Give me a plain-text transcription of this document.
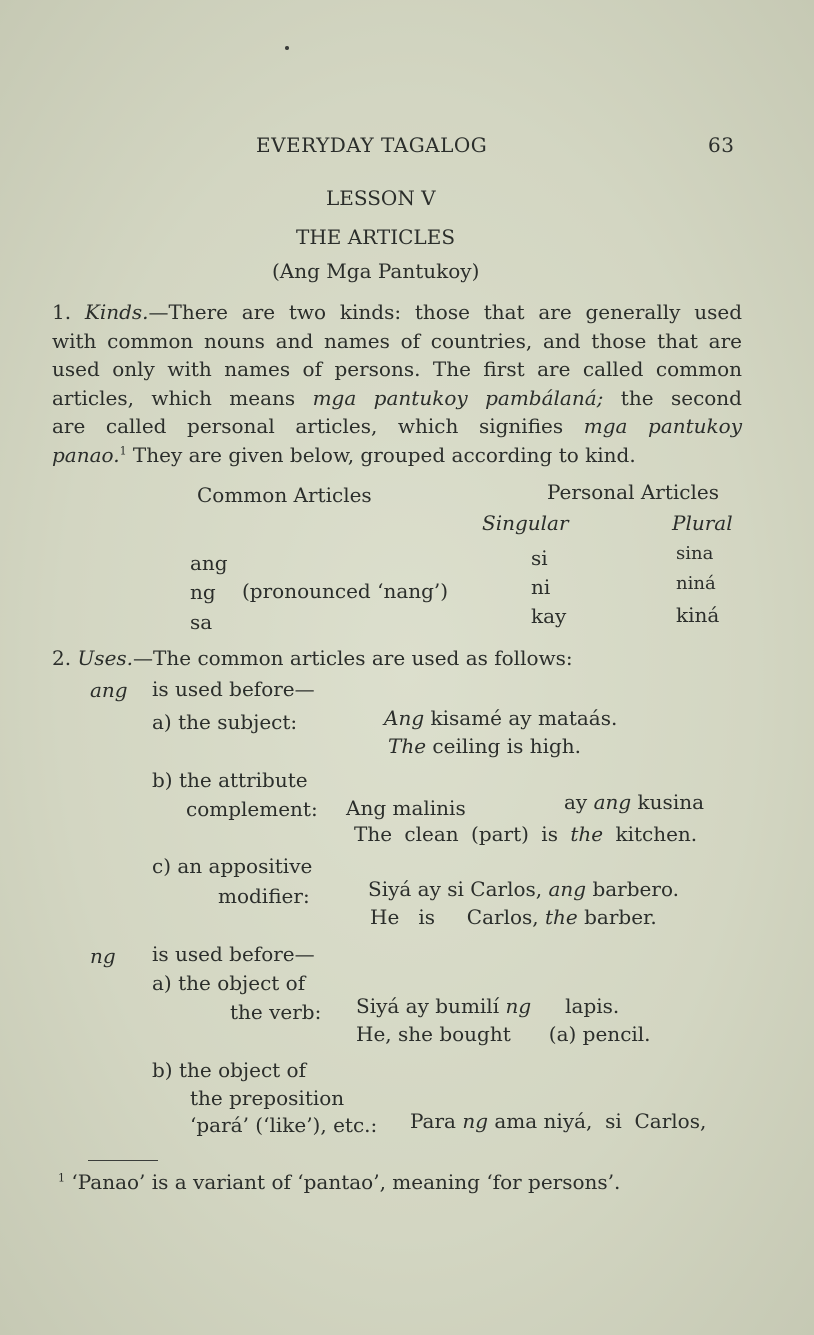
EVERYDAY TAGALOG	63
LESSON V
THE ARTICLES
(Ang Mga Pantukoy)
1. Kinds.—There are two kinds: those that are generally used
with common nouns and names of countries, and those that are
used only with names of persons. The first are called common
articles, which means mga pantukoy pambálaná; the second
are called personal articles, which signifies mga pantukoy
panao.$^1$ They are given below, grouped according to kind.
Common Articles	Personal Articles
Singular	Plural
ang	si	sina
ng (pronounced ‘nang’)	ni	niná
sa	kay	kiná
2. Uses.—The common articles are used as follows:
ang is used before—
a) the subject:	Ang kisamé ay mataás.
The ceiling is high.
b) the attribute
complement: Ang malinis	ay ang kusina
The clean (part) is the kitchen.
c) an appositive
modifier:	Siyá ay si Carlos, ang barbero.
He   is     Carlos, the barber.
ng is used before—
a) the object of
the verb: Siyá ay bumilí ng lapis.
He, she bought (a) pencil.
b) the object of
the preposition
‘pará’ (‘like’), etc.: Para ng ama niyá,  si  Carlos,
$^1$ ‘Panao’ is a variant of ‘pantao’, meaning ‘for persons’.
